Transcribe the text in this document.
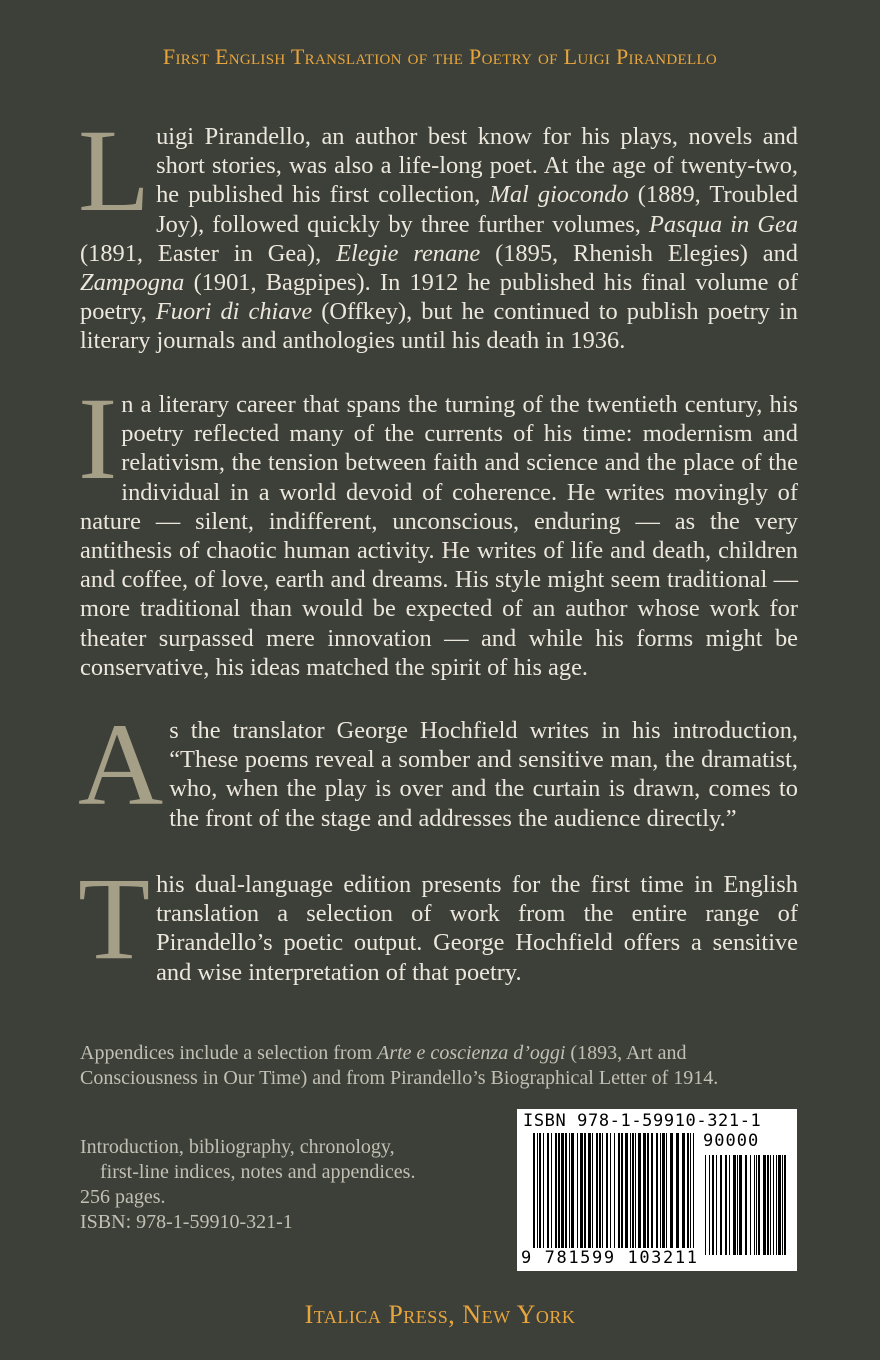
First English Translation of the Poetry of Luigi Pirandello

Luigi Pirandello, an author best know for his plays, novels and short stories, was also a life-long poet. At the age of twenty-two, he published his first collection, Mal giocondo (1889, Troubled Joy), followed quickly by three further volumes, Pasqua in Gea (1891, Easter in Gea), Elegie renane (1895, Rhenish Elegies) and Zampogna (1901, Bagpipes). In 1912 he published his final volume of poetry, Fuori di chiave (Offkey), but he continued to publish poetry in literary journals and anthologies until his death in 1936.

In a literary career that spans the turning of the twentieth century, his poetry reflected many of the currents of his time: modernism and relativism, the tension between faith and science and the place of the individual in a world devoid of coherence. He writes movingly of nature — silent, indifferent, unconscious, enduring — as the very antithesis of chaotic human activity. He writes of life and death, children and coffee, of love, earth and dreams. His style might seem traditional — more traditional than would be expected of an author whose work for theater surpassed mere innovation — and while his forms might be conservative, his ideas matched the spirit of his age.

As the translator George Hochfield writes in his introduction, “These poems reveal a somber and sensitive man, the dramatist, who, when the play is over and the curtain is drawn, comes to the front of the stage and addresses the audience directly.”

This dual-language edition presents for the first time in English translation a selection of work from the entire range of Pirandello’s poetic output. George Hochfield offers a sensitive and wise interpretation of that poetry.

Appendices include a selection from Arte e coscienza d’oggi (1893, Art and Consciousness in Our Time) and from Pirandello’s Biographical Letter of 1914.

Introduction, bibliography, chronology,
first-line indices, notes and appendices.
256 pages.
ISBN: 978-1-59910-321-1
ISBN 978-1-59910-321-1
90000
9 781599 103211
Italica Press, New York
